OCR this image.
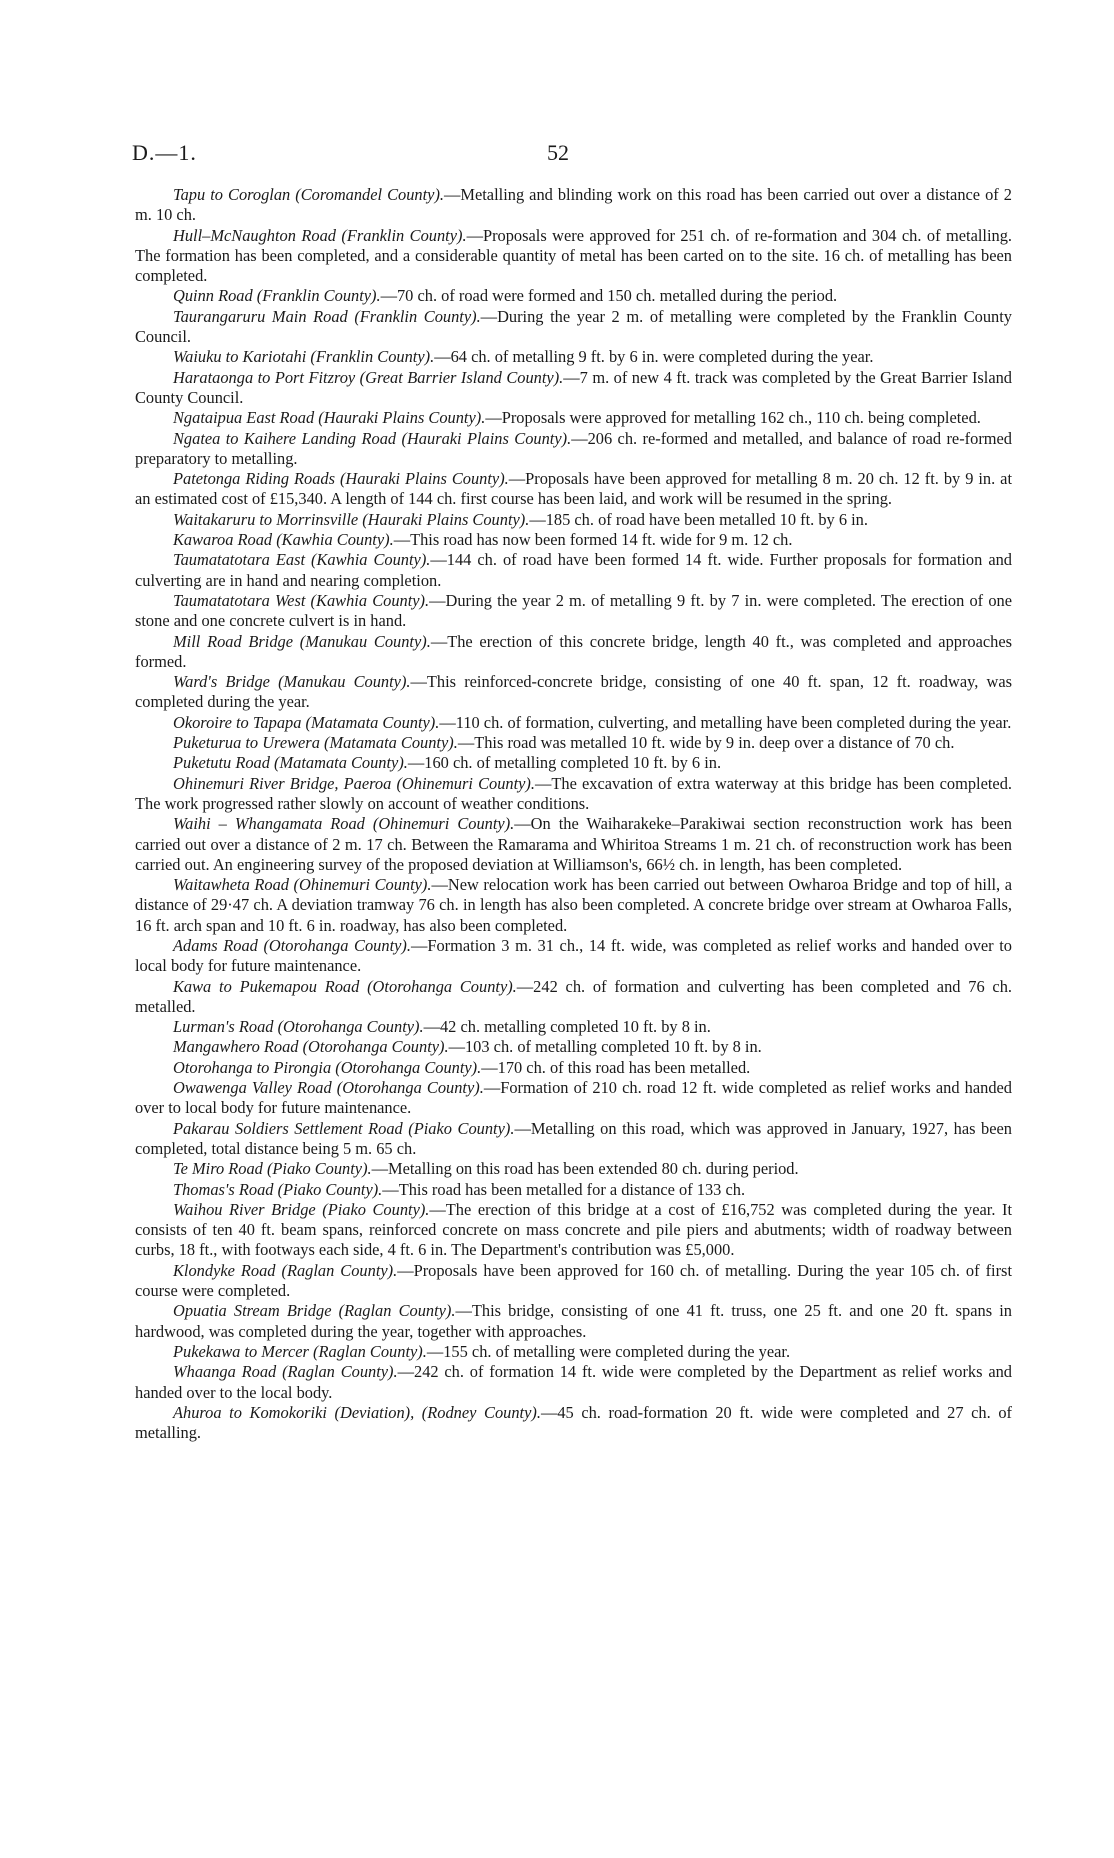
D.—1.	52

Tapu to Coroglan (Coromandel County).—Metalling and blinding work on this road has been carried out over a distance of 2 m. 10 ch.

Hull–McNaughton Road (Franklin County).—Proposals were approved for 251 ch. of re-formation and 304 ch. of metalling. The formation has been completed, and a considerable quantity of metal has been carted on to the site. 16 ch. of metalling has been completed.

Quinn Road (Franklin County).—70 ch. of road were formed and 150 ch. metalled during the period.

Taurangaruru Main Road (Franklin County).—During the year 2 m. of metalling were completed by the Franklin County Council.

Waiuku to Kariotahi (Franklin County).—64 ch. of metalling 9 ft. by 6 in. were completed during the year.

Harataonga to Port Fitzroy (Great Barrier Island County).—7 m. of new 4 ft. track was completed by the Great Barrier Island County Council.

Ngataipua East Road (Hauraki Plains County).—Proposals were approved for metalling 162 ch., 110 ch. being completed.

Ngatea to Kaihere Landing Road (Hauraki Plains County).—206 ch. re-formed and metalled, and balance of road re-formed preparatory to metalling.

Patetonga Riding Roads (Hauraki Plains County).—Proposals have been approved for metalling 8 m. 20 ch. 12 ft. by 9 in. at an estimated cost of £15,340. A length of 144 ch. first course has been laid, and work will be resumed in the spring.

Waitakaruru to Morrinsville (Hauraki Plains County).—185 ch. of road have been metalled 10 ft. by 6 in.

Kawaroa Road (Kawhia County).—This road has now been formed 14 ft. wide for 9 m. 12 ch.

Taumatatotara East (Kawhia County).—144 ch. of road have been formed 14 ft. wide. Further proposals for formation and culverting are in hand and nearing completion.

Taumatatotara West (Kawhia County).—During the year 2 m. of metalling 9 ft. by 7 in. were completed. The erection of one stone and one concrete culvert is in hand.

Mill Road Bridge (Manukau County).—The erection of this concrete bridge, length 40 ft., was completed and approaches formed.

Ward's Bridge (Manukau County).—This reinforced-concrete bridge, consisting of one 40 ft. span, 12 ft. roadway, was completed during the year.

Okoroire to Tapapa (Matamata County).—110 ch. of formation, culverting, and metalling have been completed during the year.

Puketurua to Urewera (Matamata County).—This road was metalled 10 ft. wide by 9 in. deep over a distance of 70 ch.

Puketutu Road (Matamata County).—160 ch. of metalling completed 10 ft. by 6 in.

Ohinemuri River Bridge, Paeroa (Ohinemuri County).—The excavation of extra waterway at this bridge has been completed. The work progressed rather slowly on account of weather conditions.

Waihi – Whangamata Road (Ohinemuri County).—On the Waiharakeke–Parakiwai section reconstruction work has been carried out over a distance of 2 m. 17 ch. Between the Ramarama and Whiritoa Streams 1 m. 21 ch. of reconstruction work has been carried out. An engineering survey of the proposed deviation at Williamson's, 66½ ch. in length, has been completed.

Waitawheta Road (Ohinemuri County).—New relocation work has been carried out between Owharoa Bridge and top of hill, a distance of 29·47 ch. A deviation tramway 76 ch. in length has also been completed. A concrete bridge over stream at Owharoa Falls, 16 ft. arch span and 10 ft. 6 in. roadway, has also been completed.

Adams Road (Otorohanga County).—Formation 3 m. 31 ch., 14 ft. wide, was completed as relief works and handed over to local body for future maintenance.

Kawa to Pukemapou Road (Otorohanga County).—242 ch. of formation and culverting has been completed and 76 ch. metalled.

Lurman's Road (Otorohanga County).—42 ch. metalling completed 10 ft. by 8 in.

Mangawhero Road (Otorohanga County).—103 ch. of metalling completed 10 ft. by 8 in.

Otorohanga to Pirongia (Otorohanga County).—170 ch. of this road has been metalled.

Owawenga Valley Road (Otorohanga County).—Formation of 210 ch. road 12 ft. wide completed as relief works and handed over to local body for future maintenance.

Pakarau Soldiers Settlement Road (Piako County).—Metalling on this road, which was approved in January, 1927, has been completed, total distance being 5 m. 65 ch.

Te Miro Road (Piako County).—Metalling on this road has been extended 80 ch. during period.

Thomas's Road (Piako County).—This road has been metalled for a distance of 133 ch.

Waihou River Bridge (Piako County).—The erection of this bridge at a cost of £16,752 was completed during the year. It consists of ten 40 ft. beam spans, reinforced concrete on mass concrete and pile piers and abutments; width of roadway between curbs, 18 ft., with footways each side, 4 ft. 6 in. The Department's contribution was £5,000.

Klondyke Road (Raglan County).—Proposals have been approved for 160 ch. of metalling. During the year 105 ch. of first course were completed.

Opuatia Stream Bridge (Raglan County).—This bridge, consisting of one 41 ft. truss, one 25 ft. and one 20 ft. spans in hardwood, was completed during the year, together with approaches.

Pukekawa to Mercer (Raglan County).—155 ch. of metalling were completed during the year.

Whaanga Road (Raglan County).—242 ch. of formation 14 ft. wide were completed by the Department as relief works and handed over to the local body.

Ahuroa to Komokoriki (Deviation), (Rodney County).—45 ch. road-formation 20 ft. wide were completed and 27 ch. of metalling.
